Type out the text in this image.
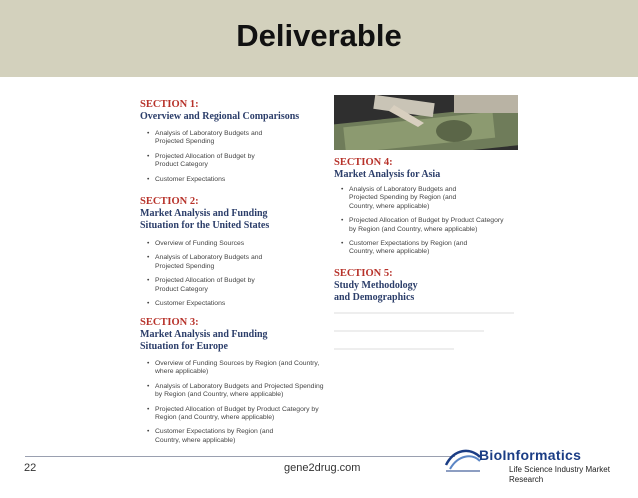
Deliverable
SECTION 1:
Overview and Regional Comparisons
• Analysis of Laboratory Budgets and
Projected Spending
• Projected Allocation of Budget by
Product Category
• Customer Expectations
SECTION 2:
Market Analysis and Funding
Situation for the United States
• Overview of Funding Sources
• Analysis of Laboratory Budgets and
Projected Spending
• Projected Allocation of Budget by
Product Category
• Customer Expectations
SECTION 3:
Market Analysis and Funding
Situation for Europe
• Overview of Funding Sources by Region (and Country,
where applicable)
• Analysis of Laboratory Budgets and Projected Spending
by Region (and Country, where applicable)
• Projected Allocation of Budget by Product Category by
Region (and Country, where applicable)
• Customer Expectations by Region (and
Country, where applicable)
SECTION 4:
Market Analysis for Asia
• Analysis of Laboratory Budgets and
Projected Spending by Region (and
Country, where applicable)
• Projected Allocation of Budget by Product Category
by Region (and Country, where applicable)
• Customer Expectations by Region (and
Country, where applicable)
SECTION 5:
Study Methodology
and Demographics
22	gene2drug.com
BioInformatics
Life Science Industry Market
Research
